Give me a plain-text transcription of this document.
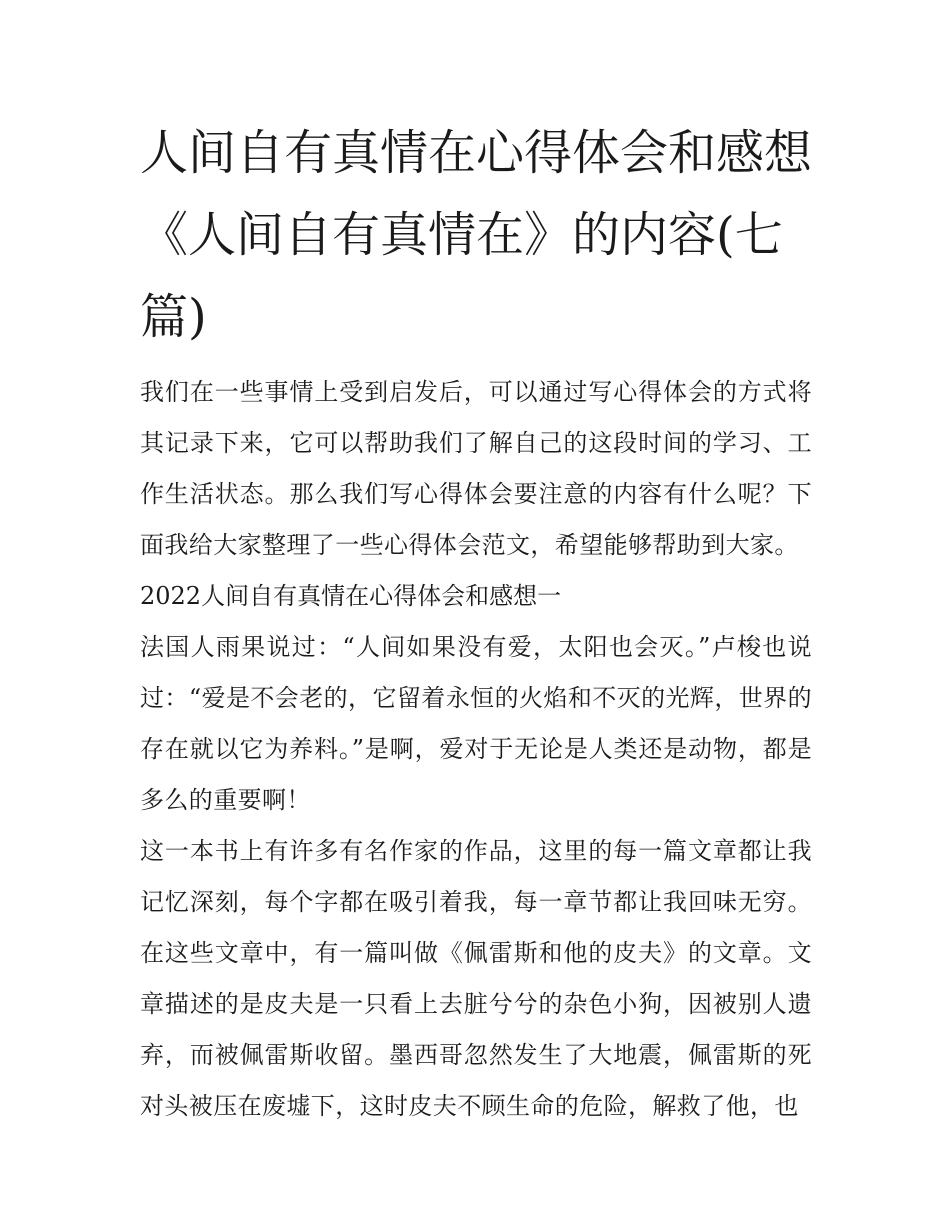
人间自有真情在心得体会和感想 《人间自有真情在》的内容(七篇)

我们在一些事情上受到启发后，可以通过写心得体会的方式将其记录下来，它可以帮助我们了解自己的这段时间的学习、工作生活状态。那么我们写心得体会要注意的内容有什么呢？下面我给大家整理了一些心得体会范文，希望能够帮助到大家。

2022人间自有真情在心得体会和感想一

法国人雨果说过：“人间如果没有爱，太阳也会灭。”卢梭也说过：“爱是不会老的，它留着永恒的火焰和不灭的光辉，世界的存在就以它为养料。”是啊，爱对于无论是人类还是动物，都是多么的重要啊！

这一本书上有许多有名作家的作品，这里的每一篇文章都让我记忆深刻，每个字都在吸引着我，每一章节都让我回味无穷。在这些文章中，有一篇叫做《佩雷斯和他的皮夫》的文章。文章描述的是皮夫是一只看上去脏兮兮的杂色小狗，因被别人遗弃，而被佩雷斯收留。墨西哥忽然发生了大地震，佩雷斯的死对头被压在废墟下，这时皮夫不顾生命的危险，解救了他，也
